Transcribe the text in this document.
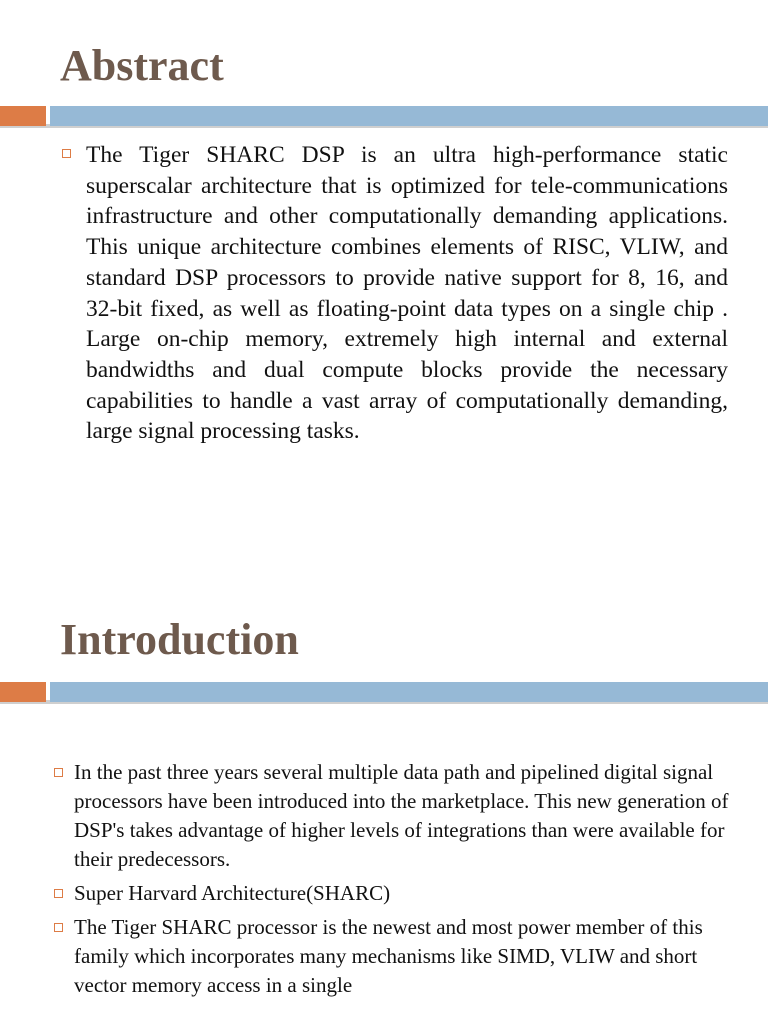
Abstract

The Tiger SHARC DSP is an ultra high-performance static superscalar architecture that is optimized for tele-communications infrastructure and other computationally demanding applications. This unique architecture combines elements of RISC, VLIW, and standard DSP processors to provide native support for 8, 16, and 32-bit fixed, as well as floating-point data types on a single chip . Large on-chip memory, extremely high internal and external bandwidths and dual compute blocks provide the necessary capabilities to handle a vast array of computationally demanding, large signal processing tasks.

Introduction
In the past three years several multiple data path and pipelined digital signal processors have been introduced into the marketplace. This new generation of DSP's takes advantage of higher levels of integrations than were available for their predecessors.
Super Harvard Architecture(SHARC)
The Tiger SHARC processor is the newest and most power member of this family which incorporates many mechanisms like SIMD, VLIW and short vector memory access in a single
